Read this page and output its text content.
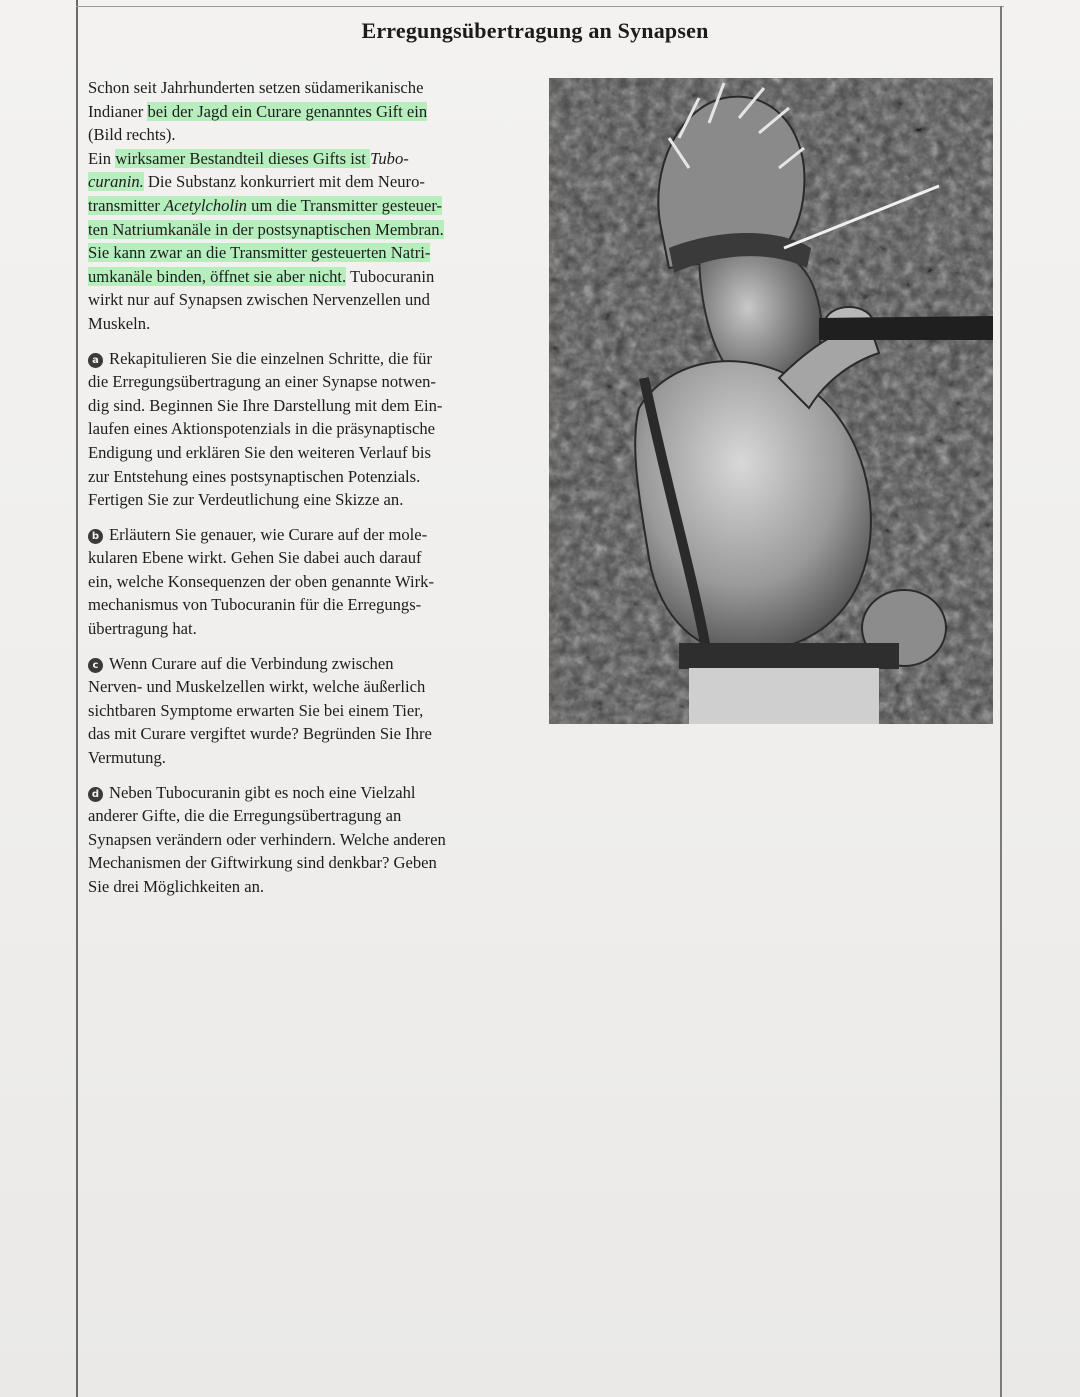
Erregungsübertragung an Synapsen

Schon seit Jahrhunderten setzen südamerikanische
Indianer bei der Jagd ein Curare genanntes Gift ein
(Bild rechts).
Ein wirksamer Bestandteil dieses Gifts ist Tubo-
curanin. Die Substanz konkurriert mit dem Neuro-
transmitter Acetylcholin um die Transmitter gesteuer-
ten Natriumkanäle in der postsynaptischen Membran.
Sie kann zwar an die Transmitter gesteuerten Natri-
umkanäle binden, öffnet sie aber nicht. Tubocuranin
wirkt nur auf Synapsen zwischen Nervenzellen und
Muskeln.

a Rekapitulieren Sie die einzelnen Schritte, die für
die Erregungsübertragung an einer Synapse notwen-
dig sind. Beginnen Sie Ihre Darstellung mit dem Ein-
laufen eines Aktionspotenzials in die präsynaptische
Endigung und erklären Sie den weiteren Verlauf bis
zur Entstehung eines postsynaptischen Potenzials.
Fertigen Sie zur Verdeutlichung eine Skizze an.

b Erläutern Sie genauer, wie Curare auf der mole-
kularen Ebene wirkt. Gehen Sie dabei auch darauf
ein, welche Konsequenzen der oben genannte Wirk-
mechanismus von Tubocuranin für die Erregungs-
übertragung hat.

c Wenn Curare auf die Verbindung zwischen
Nerven- und Muskelzellen wirkt, welche äußerlich
sichtbaren Symptome erwarten Sie bei einem Tier,
das mit Curare vergiftet wurde? Begründen Sie Ihre
Vermutung.

d Neben Tubocuranin gibt es noch eine Vielzahl
anderer Gifte, die die Erregungsübertragung an
Synapsen verändern oder verhindern. Welche anderen
Mechanismen der Giftwirkung sind denkbar? Geben
Sie drei Möglichkeiten an.
